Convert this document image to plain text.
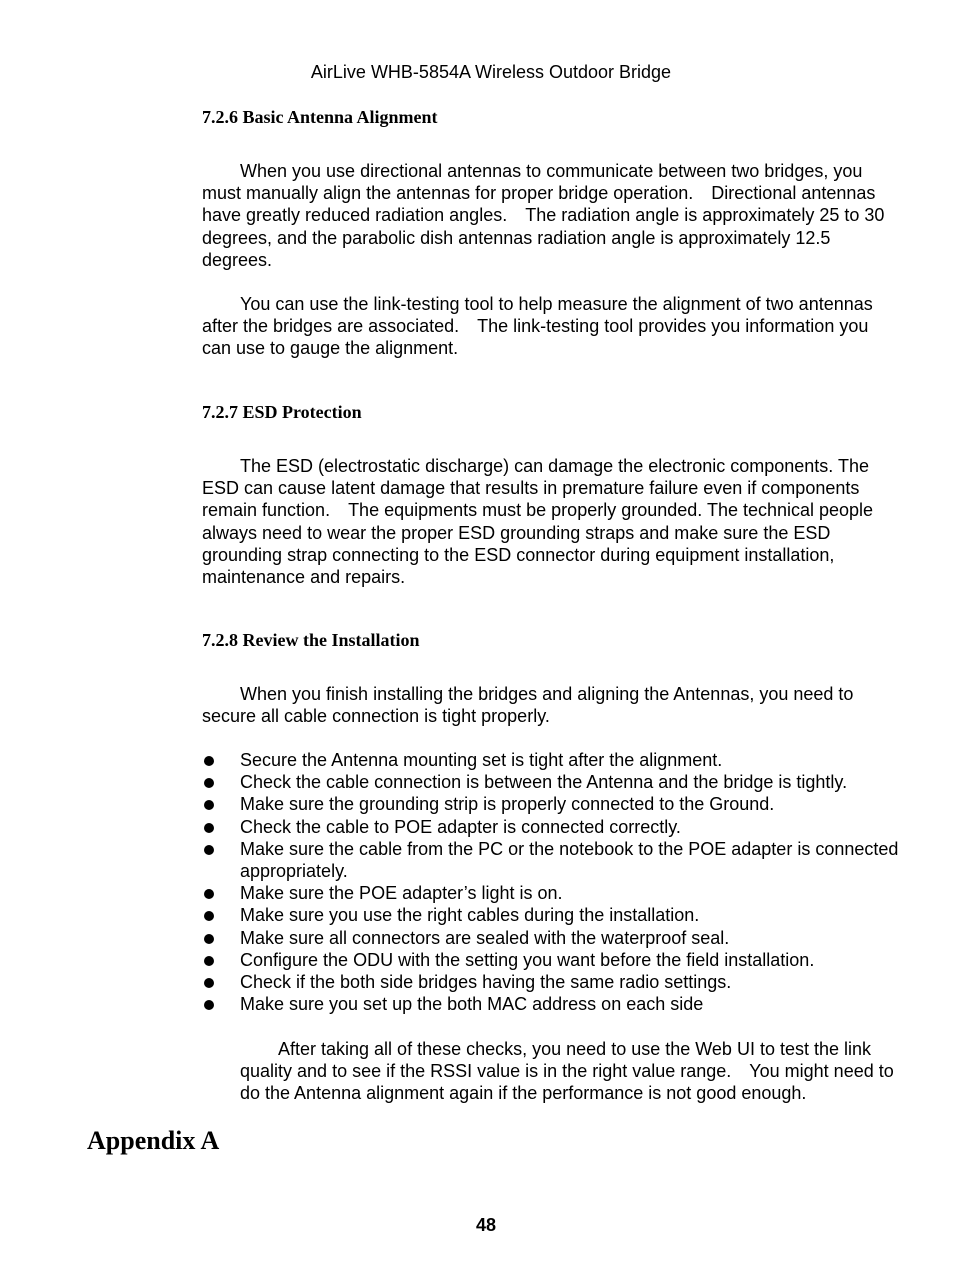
AirLive WHB-5854A Wireless Outdoor Bridge
7.2.6 Basic Antenna Alignment
When you use directional antennas to communicate between two bridges, you must manually align the antennas for proper bridge operation. Directional antennas have greatly reduced radiation angles. The radiation angle is approximately 25 to 30 degrees, and the parabolic dish antennas radiation angle is approximately 12.5 degrees.
You can use the link-testing tool to help measure the alignment of two antennas after the bridges are associated. The link-testing tool provides you information you can use to gauge the alignment.
7.2.7 ESD Protection
The ESD (electrostatic discharge) can damage the electronic components. The ESD can cause latent damage that results in premature failure even if components remain function. The equipments must be properly grounded. The technical people always need to wear the proper ESD grounding straps and make sure the ESD grounding strap connecting to the ESD connector during equipment installation, maintenance and repairs.
7.2.8 Review the Installation
When you finish installing the bridges and aligning the Antennas, you need to secure all cable connection is tight properly.
Secure the Antenna mounting set is tight after the alignment.
Check the cable connection is between the Antenna and the bridge is tightly.
Make sure the grounding strip is properly connected to the Ground.
Check the cable to POE adapter is connected correctly.
Make sure the cable from the PC or the notebook to the POE adapter is connected appropriately.
Make sure the POE adapter’s light is on.
Make sure you use the right cables during the installation.
Make sure all connectors are sealed with the waterproof seal.
Configure the ODU with the setting you want before the field installation.
Check if the both side bridges having the same radio settings.
Make sure you set up the both MAC address on each side
After taking all of these checks, you need to use the Web UI to test the link quality and to see if the RSSI value is in the right value range. You might need to do the Antenna alignment again if the performance is not good enough.
Appendix A
48
